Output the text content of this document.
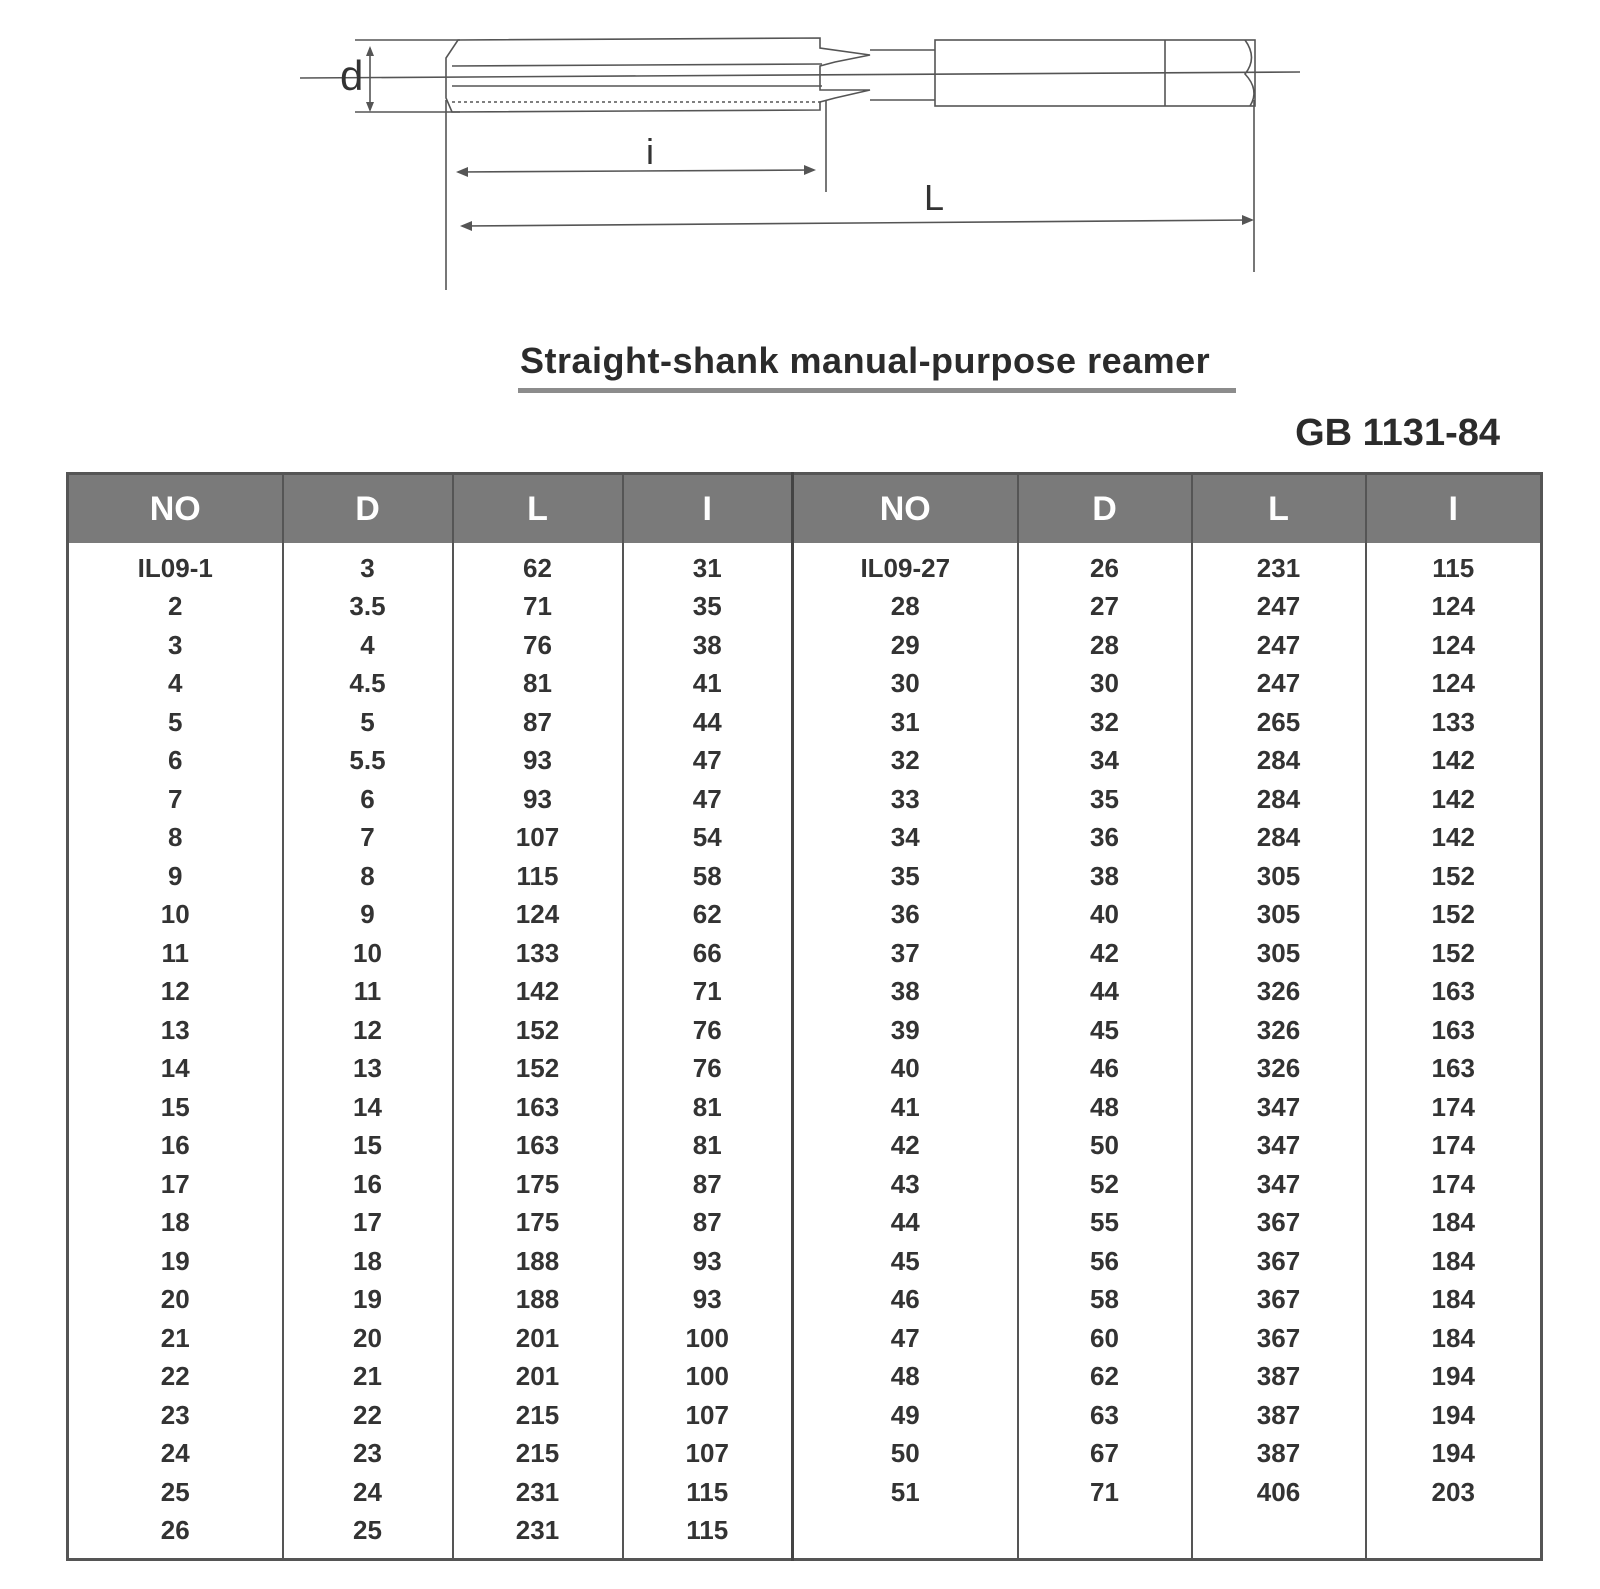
d
i
L
Straight-shank manual-purpose reamer
GB 1131-84
NO	D	L	I	NO	D	L	I
IL09-1	3	62	31	IL09-27	26	231	115
2	3.5	71	35	28	27	247	124
3	4	76	38	29	28	247	124
4	4.5	81	41	30	30	247	124
5	5	87	44	31	32	265	133
6	5.5	93	47	32	34	284	142
7	6	93	47	33	35	284	142
8	7	107	54	34	36	284	142
9	8	115	58	35	38	305	152
10	9	124	62	36	40	305	152
11	10	133	66	37	42	305	152
12	11	142	71	38	44	326	163
13	12	152	76	39	45	326	163
14	13	152	76	40	46	326	163
15	14	163	81	41	48	347	174
16	15	163	81	42	50	347	174
17	16	175	87	43	52	347	174
18	17	175	87	44	55	367	184
19	18	188	93	45	56	367	184
20	19	188	93	46	58	367	184
21	20	201	100	47	60	367	184
22	21	201	100	48	62	387	194
23	22	215	107	49	63	387	194
24	23	215	107	50	67	387	194
25	24	231	115	51	71	406	203
26	25	231	115				
